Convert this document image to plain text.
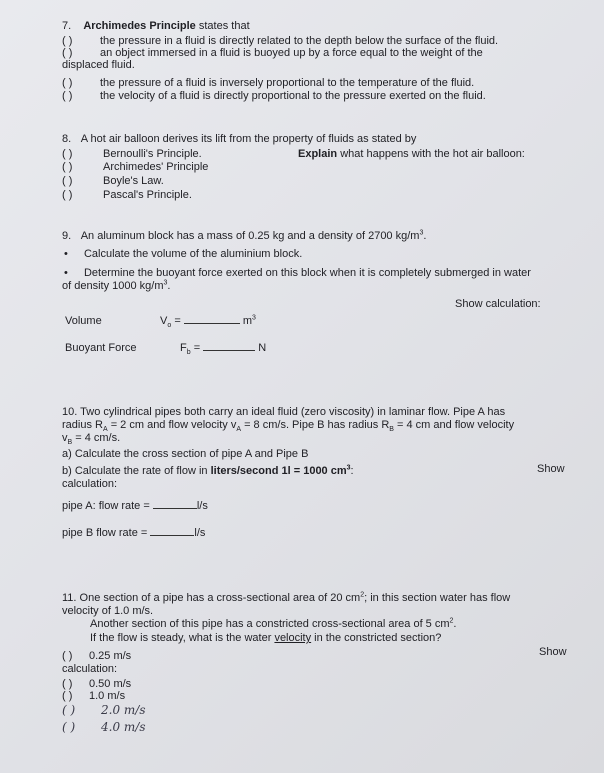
7. Archimedes Principle states that
( )	the pressure in a fluid is directly related to the depth below the surface of the fluid.
( )	an object immersed in a fluid is buoyed up by a force equal to the weight of the
displaced fluid.
( )	the pressure of a fluid is inversely proportional to the temperature of the fluid.
( )	the velocity of a fluid is directly proportional to the pressure exerted on the fluid.
8. A hot air balloon derives its lift from the property of fluids as stated by
( )	Bernoulli's Principle.	Explain what happens with the hot air balloon:
( )	Archimedes' Principle
( )	Boyle's Law.
( )	Pascal's Principle.
9. An aluminum block has a mass of 0.25 kg and a density of 2700 $kg/m^3$.
• Calculate the volume of the aluminium block.
• Determine the buoyant force exerted on this block when it is completely submerged in water
of density 1000 $kg/m^3$.
Show calculation:
Volume	$V_o$ =	$m^3$
Buoyant Force	$F_b$ =	N
10. Two cylindrical pipes both carry an ideal fluid (zero viscosity) in laminar flow. Pipe A has
radius $R_A = 2$ cm and flow velocity $v_A = 8$ cm/s. Pipe B has radius $R_B = 4$ cm and flow velocity
$v_B = 4$ cm/s.
a) Calculate the cross section of pipe A and Pipe B
b) Calculate the rate of flow in liters/second 1l = 1000 $cm^3$:	Show
calculation:
pipe A: flow rate =	l/s
pipe B flow rate =	l/s
11. One section of a pipe has a cross-sectional area of 20 $cm^2$; in this section water has flow
velocity of 1.0 m/s.
Another section of this pipe has a constricted cross-sectional area of 5 $cm^2$.
If the flow is steady, what is the water velocity in the constricted section?
Show
( ) 0.25 m/s
calculation:
( ) 0.50 m/s
( ) 1.0 m/s
( ) 2.0 m/s
( ) 4.0 m/s
